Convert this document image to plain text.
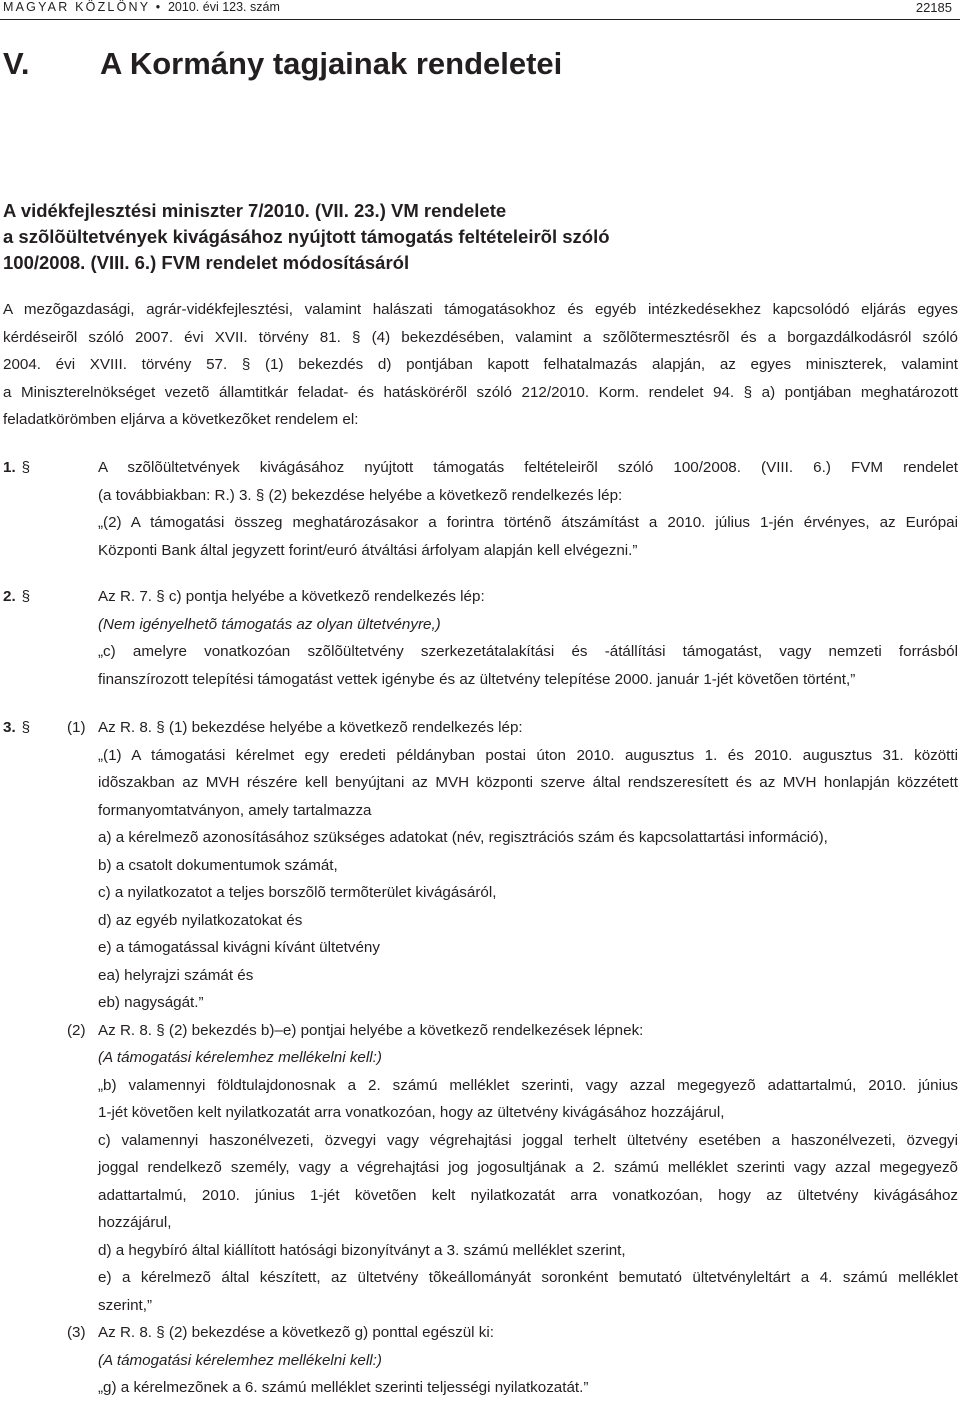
MAGYAR KÖZLÖNY • 2010. évi 123. szám	22185
V. A Kormány tagjainak rendeletei
A vidékfejlesztési miniszter 7/2010. (VII. 23.) VM rendelete
a szõlõültetvények kivágásához nyújtott támogatás feltételeirõl szóló
100/2008. (VIII. 6.) FVM rendelet módosításáról
A mezõgazdasági, agrár-vidékfejlesztési, valamint halászati támogatásokhoz és egyéb intézkedésekhez kapcsolódó eljárás egyes
kérdéseirõl szóló 2007. évi XVII. törvény 81. § (4) bekezdésében, valamint a szõlõtermesztésrõl és a borgazdálkodásról szóló
2004. évi XVIII. törvény 57. § (1) bekezdés d) pontjában kapott felhatalmazás alapján, az egyes miniszterek, valamint
a Miniszterelnökséget vezetõ államtitkár feladat- és hatáskörérõl szóló 212/2010. Korm. rendelet 94. § a) pontjában meghatározott
feladatkörömben eljárva a következõket rendelem el:
1. §	A szõlõültetvények kivágásához nyújtott támogatás feltételeirõl szóló 100/2008. (VIII. 6.) FVM rendelet
(a továbbiakban: R.) 3. § (2) bekezdése helyébe a következõ rendelkezés lép:
„(2) A támogatási összeg meghatározásakor a forintra történõ átszámítást a 2010. július 1-jén érvényes, az Európai
Központi Bank által jegyzett forint/euró átváltási árfolyam alapján kell elvégezni.”
2. §	Az R. 7. § c) pontja helyébe a következõ rendelkezés lép:
(Nem igényelhetõ támogatás az olyan ültetvényre,)
„c) amelyre vonatkozóan szõlõültetvény szerkezetátalakítási és -átállítási támogatást, vagy nemzeti forrásból
finanszírozott telepítési támogatást vettek igénybe és az ültetvény telepítése 2000. január 1-jét követõen történt,”
3. § (1) Az R. 8. § (1) bekezdése helyébe a következõ rendelkezés lép:
„(1) A támogatási kérelmet egy eredeti példányban postai úton 2010. augusztus 1. és 2010. augusztus 31. közötti
idõszakban az MVH részére kell benyújtani az MVH központi szerve által rendszeresített és az MVH honlapján közzétett
formanyomtatványon, amely tartalmazza
a) a kérelmezõ azonosításához szükséges adatokat (név, regisztrációs szám és kapcsolattartási információ),
b) a csatolt dokumentumok számát,
c) a nyilatkozatot a teljes borszõlõ termõterület kivágásáról,
d) az egyéb nyilatkozatokat és
e) a támogatással kivágni kívánt ültetvény
ea) helyrajzi számát és
eb) nagyságát.”
(2) Az R. 8. § (2) bekezdés b)–e) pontjai helyébe a következõ rendelkezések lépnek:
(A támogatási kérelemhez mellékelni kell:)
„b) valamennyi földtulajdonosnak a 2. számú melléklet szerinti, vagy azzal megegyezõ adattartalmú, 2010. június
1-jét követõen kelt nyilatkozatát arra vonatkozóan, hogy az ültetvény kivágásához hozzájárul,
c) valamennyi haszonélvezeti, özvegyi vagy végrehajtási joggal terhelt ültetvény esetében a haszonélvezeti, özvegyi
joggal rendelkezõ személy, vagy a végrehajtási jog jogosultjának a 2. számú melléklet szerinti vagy azzal megegyezõ
adattartalmú, 2010. június 1-jét követõen kelt nyilatkozatát arra vonatkozóan, hogy az ültetvény kivágásához
hozzájárul,
d) a hegybíró által kiállított hatósági bizonyítványt a 3. számú melléklet szerint,
e) a kérelmezõ által készített, az ültetvény tõkeállományát soronként bemutató ültetvényleltárt a 4. számú melléklet
szerint,”
(3) Az R. 8. § (2) bekezdése a következõ g) ponttal egészül ki:
(A támogatási kérelemhez mellékelni kell:)
„g) a kérelmezõnek a 6. számú melléklet szerinti teljességi nyilatkozatát.”
